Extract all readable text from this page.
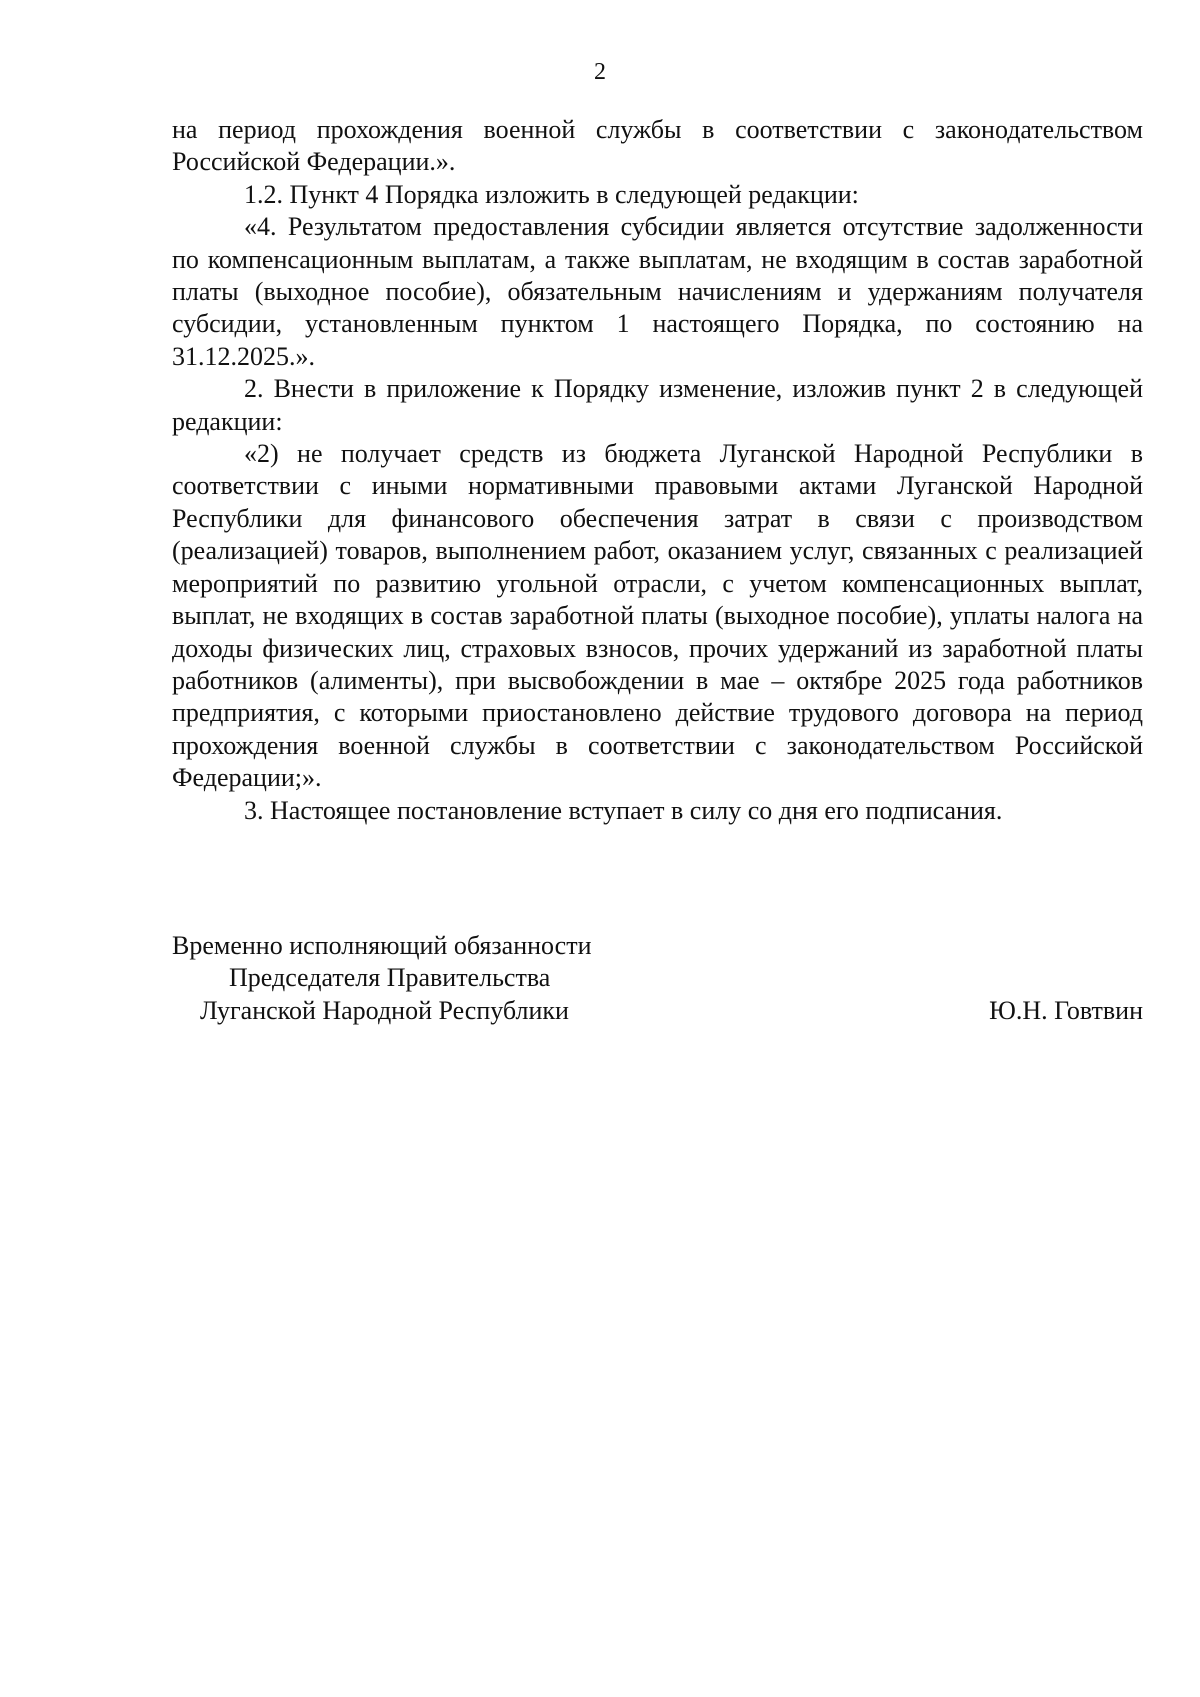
2

на период прохождения военной службы в соответствии с законодательством Российской Федерации.».

1.2. Пункт 4 Порядка изложить в следующей редакции:

«4. Результатом предоставления субсидии является отсутствие задолженности по компенсационным выплатам, а также выплатам, не входящим в состав заработной платы (выходное пособие), обязательным начислениям и удержаниям получателя субсидии, установленным пунктом 1 настоящего Порядка, по состоянию на 31.12.2025.».

2. Внести в приложение к Порядку изменение, изложив пункт 2 в следующей редакции:

«2) не получает средств из бюджета Луганской Народной Республики в соответствии с иными нормативными правовыми актами Луганской Народной Республики для финансового обеспечения затрат в связи с производством (реализацией) товаров, выполнением работ, оказанием услуг, связанных с реализацией мероприятий по развитию угольной отрасли, с учетом компенсационных выплат, выплат, не входящих в состав заработной платы (выходное пособие), уплаты налога на доходы физических лиц, страховых взносов, прочих удержаний из заработной платы работников (алименты), при высвобождении в мае – октябре 2025 года работников предприятия, с которыми приостановлено действие трудового договора на период прохождения военной службы в соответствии с законодательством Российской Федерации;».

3. Настоящее постановление вступает в силу со дня его подписания.

Временно исполняющий обязанности
Председателя Правительства
Луганской Народной Республики	Ю.Н. Говтвин
